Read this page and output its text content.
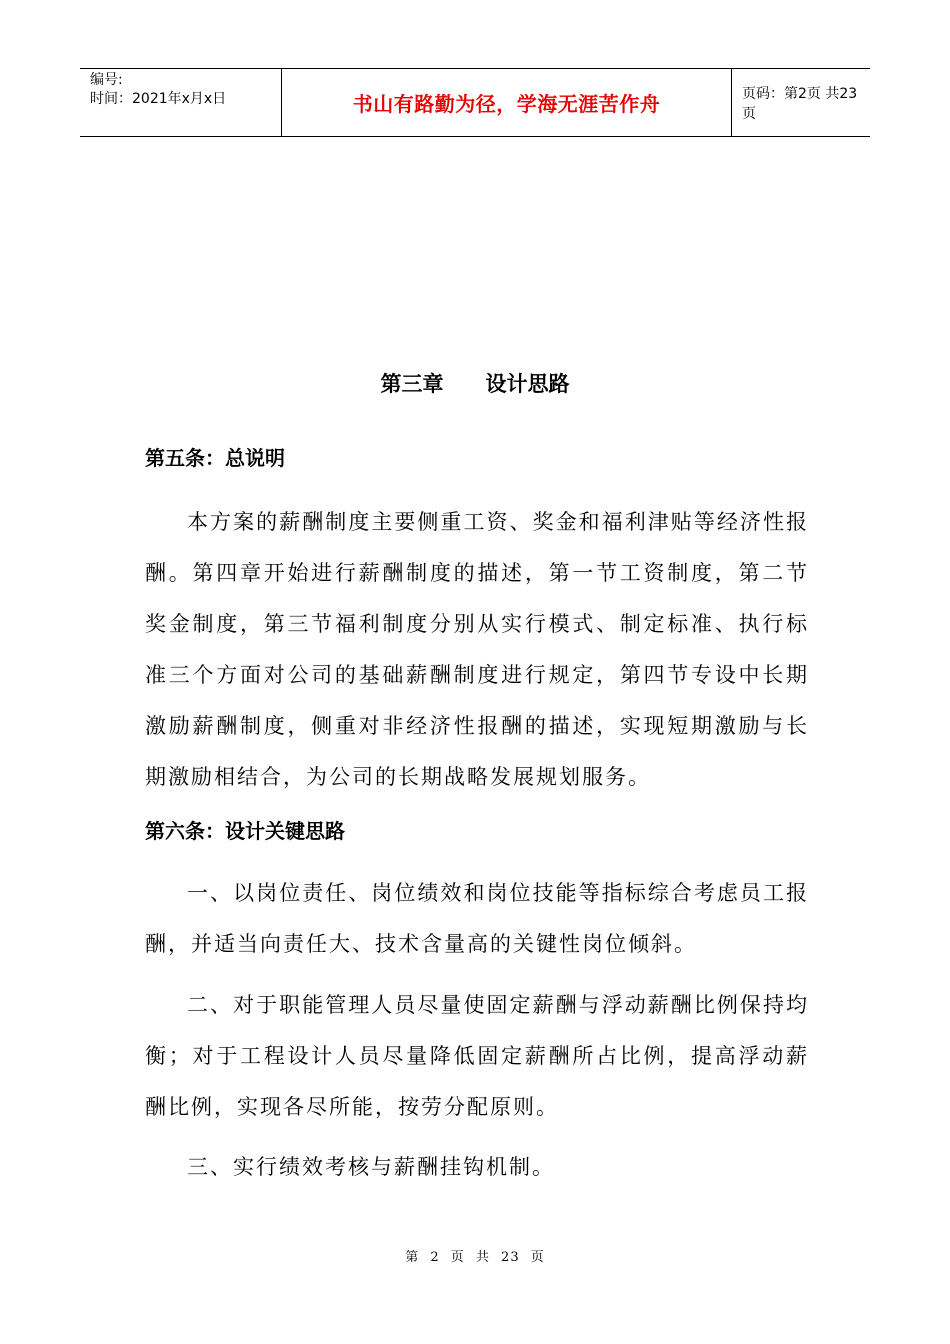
编号:
时间：2021年x月x日	书山有路勤为径，学海无涯苦作舟	页码：第2页 共23页
第三章 设计思路
第五条：总说明
本方案的薪酬制度主要侧重工资、奖金和福利津贴等经济性报酬。第四章开始进行薪酬制度的描述，第一节工资制度，第二节奖金制度，第三节福利制度分别从实行模式、制定标准、执行标准三个方面对公司的基础薪酬制度进行规定，第四节专设中长期激励薪酬制度，侧重对非经济性报酬的描述，实现短期激励与长期激励相结合，为公司的长期战略发展规划服务。
第六条：设计关键思路
一、以岗位责任、岗位绩效和岗位技能等指标综合考虑员工报酬，并适当向责任大、技术含量高的关键性岗位倾斜。
二、对于职能管理人员尽量使固定薪酬与浮动薪酬比例保持均衡；对于工程设计人员尽量降低固定薪酬所占比例，提高浮动薪酬比例，实现各尽所能，按劳分配原则。
三、实行绩效考核与薪酬挂钩机制。
第 2 页 共 23 页
